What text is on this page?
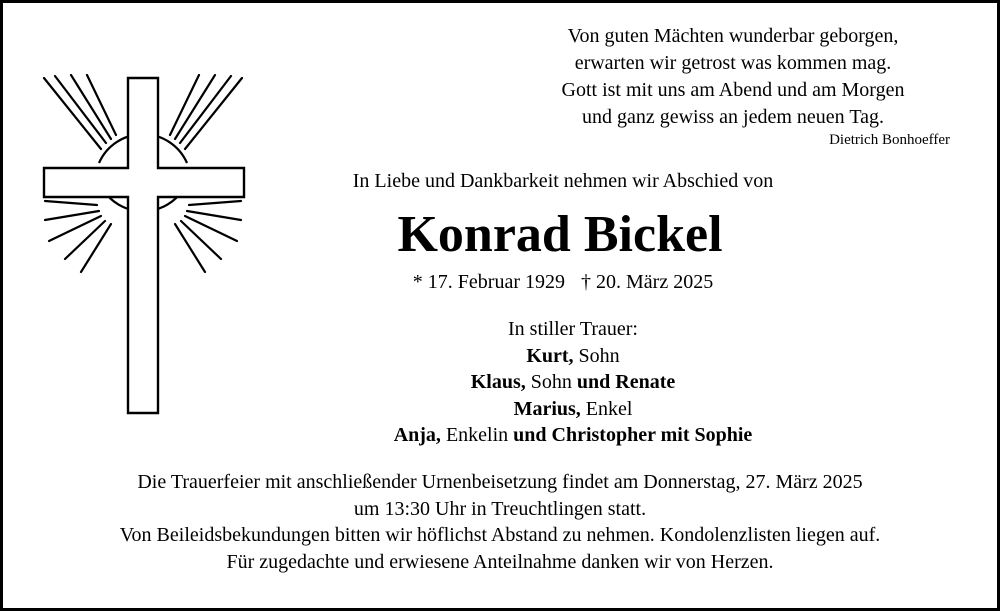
Von guten Mächten wunderbar geborgen,
erwarten wir getrost was kommen mag.
Gott ist mit uns am Abend und am Morgen
und ganz gewiss an jedem neuen Tag.
Dietrich Bonhoeffer
In Liebe und Dankbarkeit nehmen wir Abschied von
Konrad Bickel
* 17. Februar 1929 † 20. März 2025
In stiller Trauer:
Kurt, Sohn
Klaus, Sohn und Renate
Marius, Enkel
Anja, Enkelin und Christopher mit Sophie
Die Trauerfeier mit anschließender Urnenbeisetzung findet am Donnerstag, 27. März 2025
um 13:30 Uhr in Treuchtlingen statt.
Von Beileidsbekundungen bitten wir höflichst Abstand zu nehmen. Kondolenzlisten liegen auf.
Für zugedachte und erwiesene Anteilnahme danken wir von Herzen.
